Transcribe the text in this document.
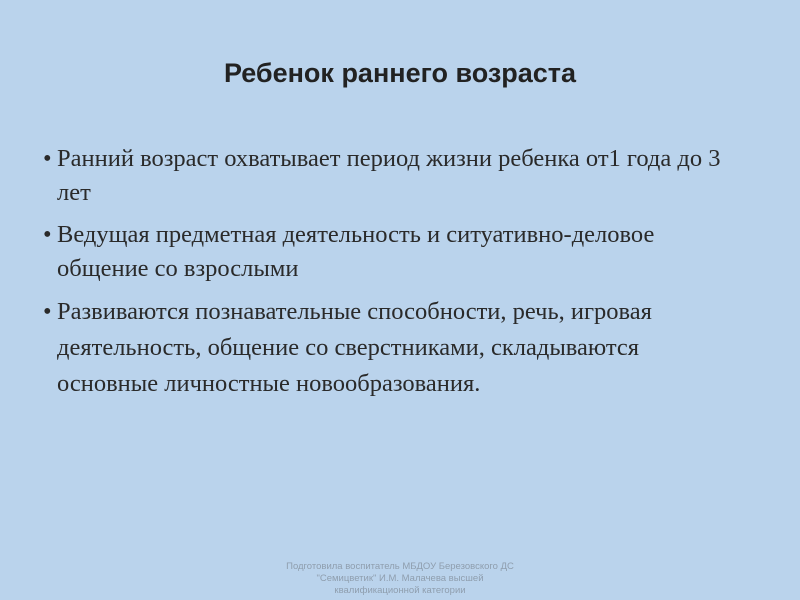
Ребенок раннего возраста
• Ранний возраст охватывает период жизни ребенка от1 года до 3 лет
• Ведущая предметная деятельность и ситуативно-деловое общение со взрослыми
• Развиваются познавательные способности, речь, игровая деятельность, общение со сверстниками, складываются основные личностные новообразования.
Подготовила воспитатель МБДОУ Березовского ДС
"Семицветик" И.М. Малачева высшей
квалификационной категории
